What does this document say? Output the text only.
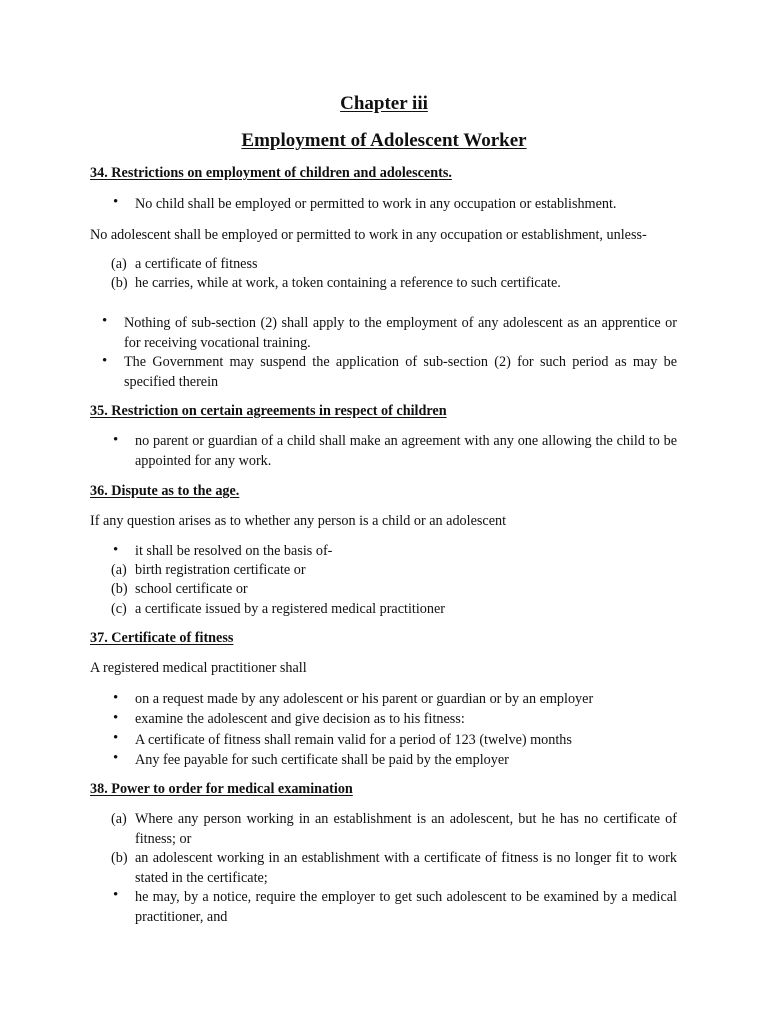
Chapter iii
Employment of Adolescent Worker
34. Restrictions on employment of children and adolescents.
• No child shall be employed or permitted to work in any occupation or establishment.
No adolescent shall be employed or permitted to work in any occupation or establishment, unless-
(a) a certificate of fitness
(b) he carries, while at work, a token containing a reference to such certificate.
• Nothing of sub-section (2) shall apply to the employment of any adolescent as an apprentice or for receiving vocational training.
• The Government may suspend the application of sub-section (2) for such period as may be specified therein
35. Restriction on certain agreements in respect of children
• no parent or guardian of a child shall make an agreement with any one allowing the child to be appointed for any work.
36. Dispute as to the age.
If any question arises as to whether any person is a child or an adolescent
• it shall be resolved on the basis of-
(a) birth registration certificate or
(b) school certificate or
(c) a certificate issued by a registered medical practitioner
37. Certificate of fitness
A registered medical practitioner shall
• on a request made by any adolescent or his parent or guardian or by an employer
• examine the adolescent and give decision as to his fitness:
• A certificate of fitness shall remain valid for a period of 123 (twelve) months
• Any fee payable for such certificate shall be paid by the employer
38. Power to order for medical examination
(a) Where any person working in an establishment is an adolescent, but he has no certificate of fitness; or
(b) an adolescent working in an establishment with a certificate of fitness is no longer fit to work stated in the certificate;
• he may, by a notice, require the employer to get such adolescent to be examined by a medical practitioner, and
